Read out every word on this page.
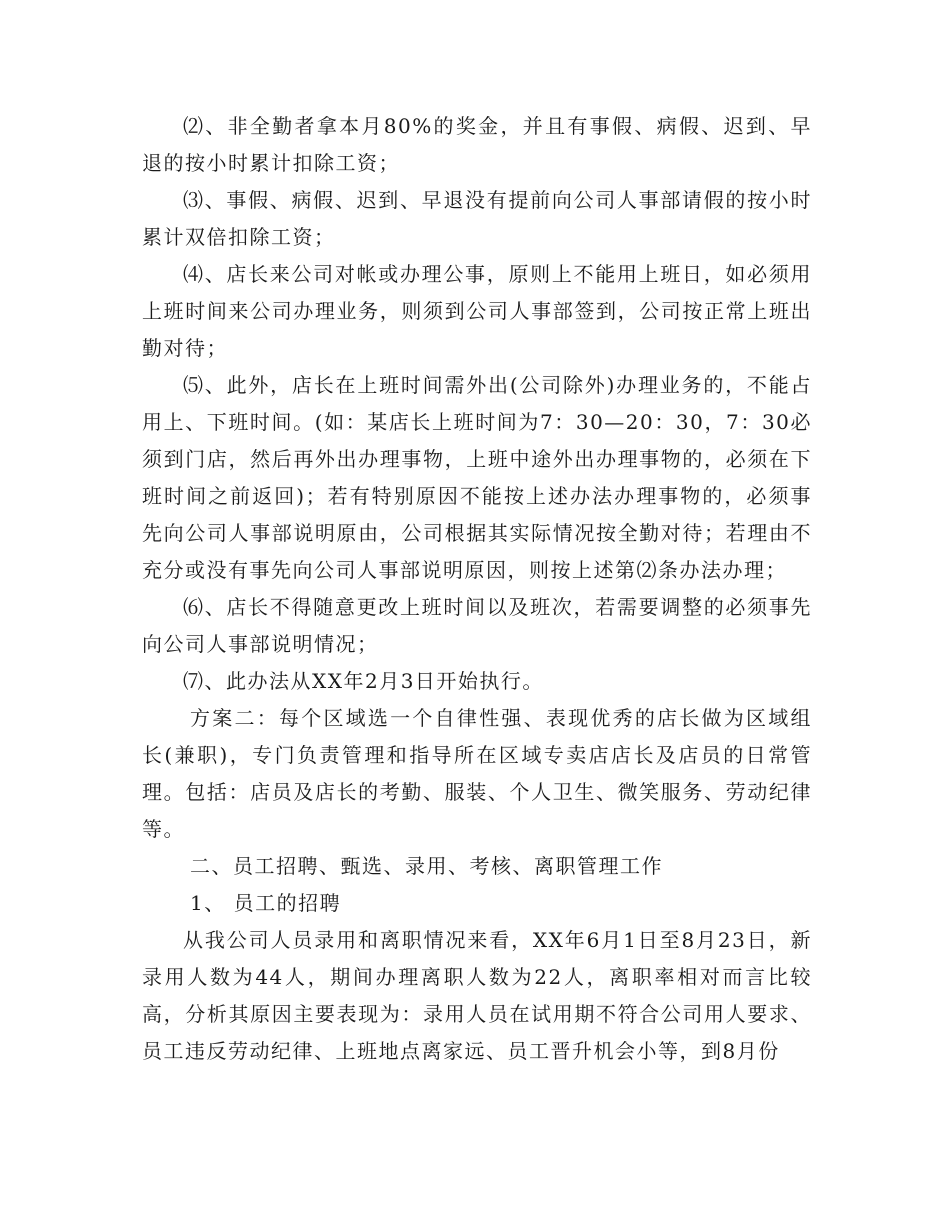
⑵、非全勤者拿本月80%的奖金，并且有事假、病假、迟到、早退的按小时累计扣除工资；

⑶、事假、病假、迟到、早退没有提前向公司人事部请假的按小时累计双倍扣除工资；

⑷、店长来公司对帐或办理公事，原则上不能用上班日，如必须用上班时间来公司办理业务，则须到公司人事部签到，公司按正常上班出勤对待；

⑸、此外，店长在上班时间需外出(公司除外)办理业务的，不能占用上、下班时间。(如：某店长上班时间为7：30—20：30，7：30必须到门店，然后再外出办理事物，上班中途外出办理事物的，必须在下班时间之前返回)；若有特别原因不能按上述办法办理事物的，必须事先向公司人事部说明原由，公司根据其实际情况按全勤对待；若理由不充分或没有事先向公司人事部说明原因，则按上述第⑵条办法办理；

⑹、店长不得随意更改上班时间以及班次，若需要调整的必须事先向公司人事部说明情况；

⑺、此办法从XX年2月3日开始执行。

方案二：每个区域选一个自律性强、表现优秀的店长做为区域组长(兼职)，专门负责管理和指导所在区域专卖店店长及店员的日常管理。包括：店员及店长的考勤、服装、个人卫生、微笑服务、劳动纪律等。

二、员工招聘、甄选、录用、考核、离职管理工作

1、 员工的招聘

从我公司人员录用和离职情况来看，XX年6月1日至8月23日，新录用人数为44人，期间办理离职人数为22人，离职率相对而言比较高，分析其原因主要表现为：录用人员在试用期不符合公司用人要求、员工违反劳动纪律、上班地点离家远、员工晋升机会小等，到8月份
